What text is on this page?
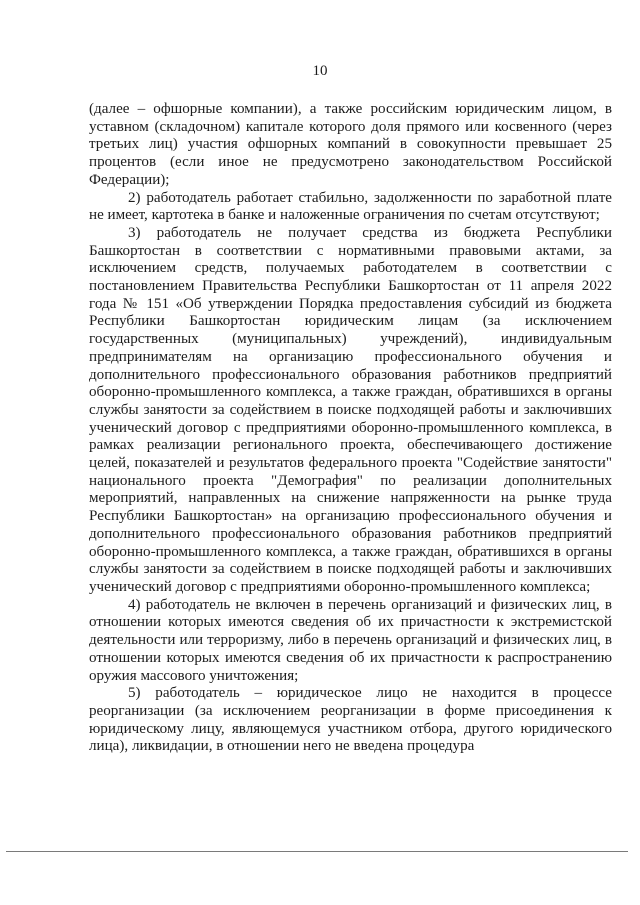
10

(далее – офшорные компании), а также российским юридическим лицом, в уставном (складочном) капитале которого доля прямого или косвенного (через третьих лиц) участия офшорных компаний в совокупности превышает 25 процентов (если иное не предусмотрено законодательством Российской Федерации);

2) работодатель работает стабильно, задолженности по заработной плате не имеет, картотека в банке и наложенные ограничения по счетам отсутствуют;

3) работодатель не получает средства из бюджета Республики Башкортостан в соответствии с нормативными правовыми актами, за исключением средств, получаемых работодателем в соответствии с постановлением Правительства Республики Башкортостан от 11 апреля 2022 года № 151 «Об утверждении Порядка предоставления субсидий из бюджета Республики Башкортостан юридическим лицам (за исключением государственных (муниципальных) учреждений), индивидуальным предпринимателям на организацию профессионального обучения и дополнительного профессионального образования работников предприятий оборонно-промышленного комплекса, а также граждан, обратившихся в органы службы занятости за содействием в поиске подходящей работы и заключивших ученический договор с предприятиями оборонно-промышленного комплекса, в рамках реализации регионального проекта, обеспечивающего достижение целей, показателей и результатов федерального проекта "Содействие занятости" национального проекта "Демография" по реализации дополнительных мероприятий, направленных на снижение напряженности на рынке труда Республики Башкортостан» на организацию профессионального обучения и дополнительного профессионального образования работников предприятий оборонно-промышленного комплекса, а также граждан, обратившихся в органы службы занятости за содействием в поиске подходящей работы и заключивших ученический договор с предприятиями оборонно-промышленного комплекса;

4) работодатель не включен в перечень организаций и физических лиц, в отношении которых имеются сведения об их причастности к экстремистской деятельности или терроризму, либо в перечень организаций и физических лиц, в отношении которых имеются сведения об их причастности к распространению оружия массового уничтожения;

5) работодатель – юридическое лицо не находится в процессе реорганизации (за исключением реорганизации в форме присоединения к юридическому лицу, являющемуся участником отбора, другого юридического лица), ликвидации, в отношении него не введена процедура
